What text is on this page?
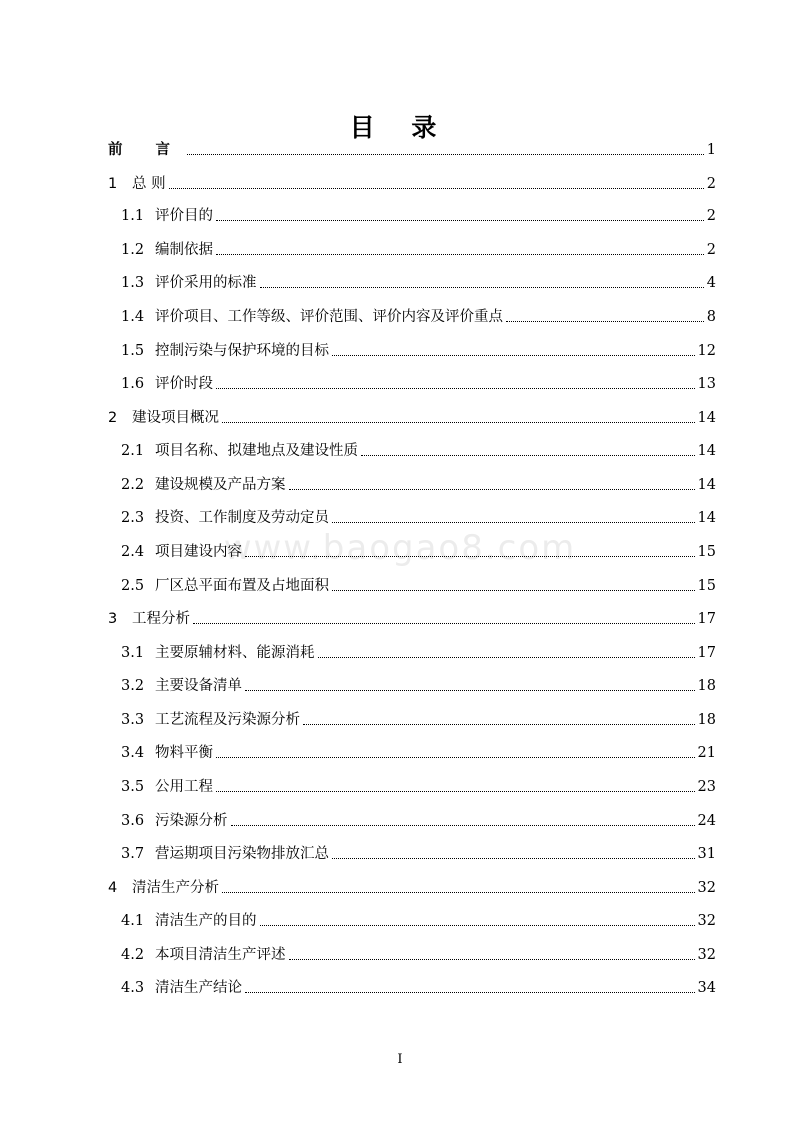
目 录
www.baogao8.com
前 言	1
1	总 则	2
1.1 评价目的	2
1.2 编制依据	2
1.3 评价采用的标准	4
1.4 评价项目、工作等级、评价范围、评价内容及评价重点	8
1.5 控制污染与保护环境的目标	12
1.6 评价时段	13
2	建设项目概况	14
2.1 项目名称、拟建地点及建设性质	14
2.2 建设规模及产品方案	14
2.3 投资、工作制度及劳动定员	14
2.4 项目建设内容	15
2.5 厂区总平面布置及占地面积	15
3	工程分析	17
3.1 主要原辅材料、能源消耗	17
3.2 主要设备清单	18
3.3 工艺流程及污染源分析	18
3.4 物料平衡	21
3.5 公用工程	23
3.6 污染源分析	24
3.7 营运期项目污染物排放汇总	31
4	清洁生产分析	32
4.1 清洁生产的目的	32
4.2 本项目清洁生产评述	32
4.3 清洁生产结论	34
I
